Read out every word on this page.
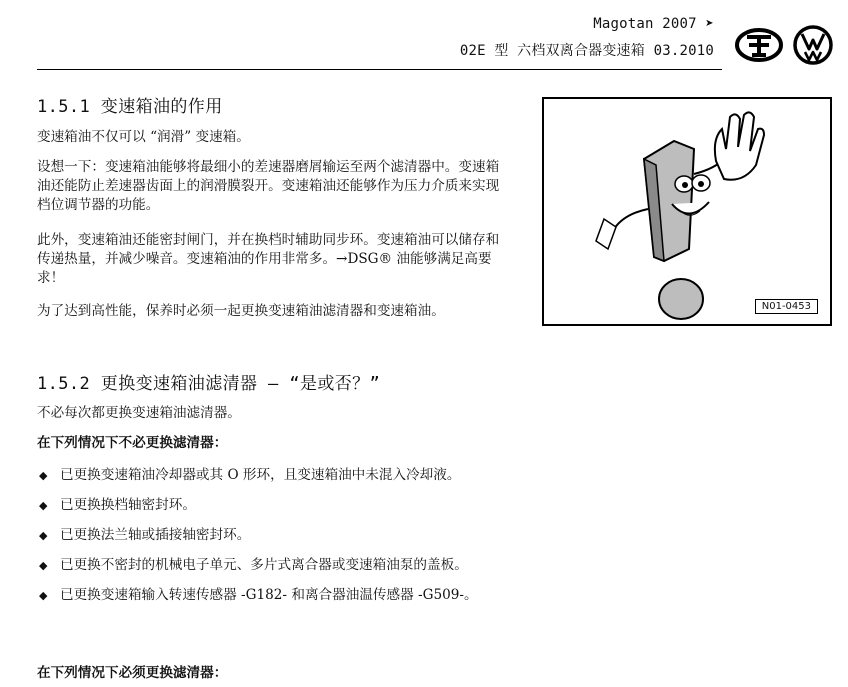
Magotan 2007 ➤
02E 型 六档双离合器变速箱 03.2010
1.5.1 变速箱油的作用

变速箱油不仅可以 “润滑” 变速箱。

设想一下：变速箱油能够将最细小的差速器磨屑输运至两个滤清器中。变速箱油还能防止差速器齿面上的润滑膜裂开。变速箱油还能够作为压力介质来实现档位调节器的功能。

此外，变速箱油还能密封闸门，并在换档时辅助同步环。变速箱油可以储存和传递热量，并减少噪音。变速箱油的作用非常多。→DSG® 油能够满足高要求！

为了达到高性能，保养时必须一起更换变速箱油滤清器和变速箱油。	N01-0453
1.5.2 更换变速箱油滤清器 – “是或否？”

不必每次都更换变速箱油滤清器。

在下列情况下不必更换滤清器：

◆ 已更换变速箱油冷却器或其 O 形环，且变速箱油中未混入冷却液。
◆ 已更换换档轴密封环。
◆ 已更换法兰轴或插接轴密封环。
◆ 已更换不密封的机械电子单元、多片式离合器或变速箱油泵的盖板。
◆ 已更换变速箱输入转速传感器 -G182- 和离合器油温传感器 -G509-。

在下列情况下必须更换滤清器：
